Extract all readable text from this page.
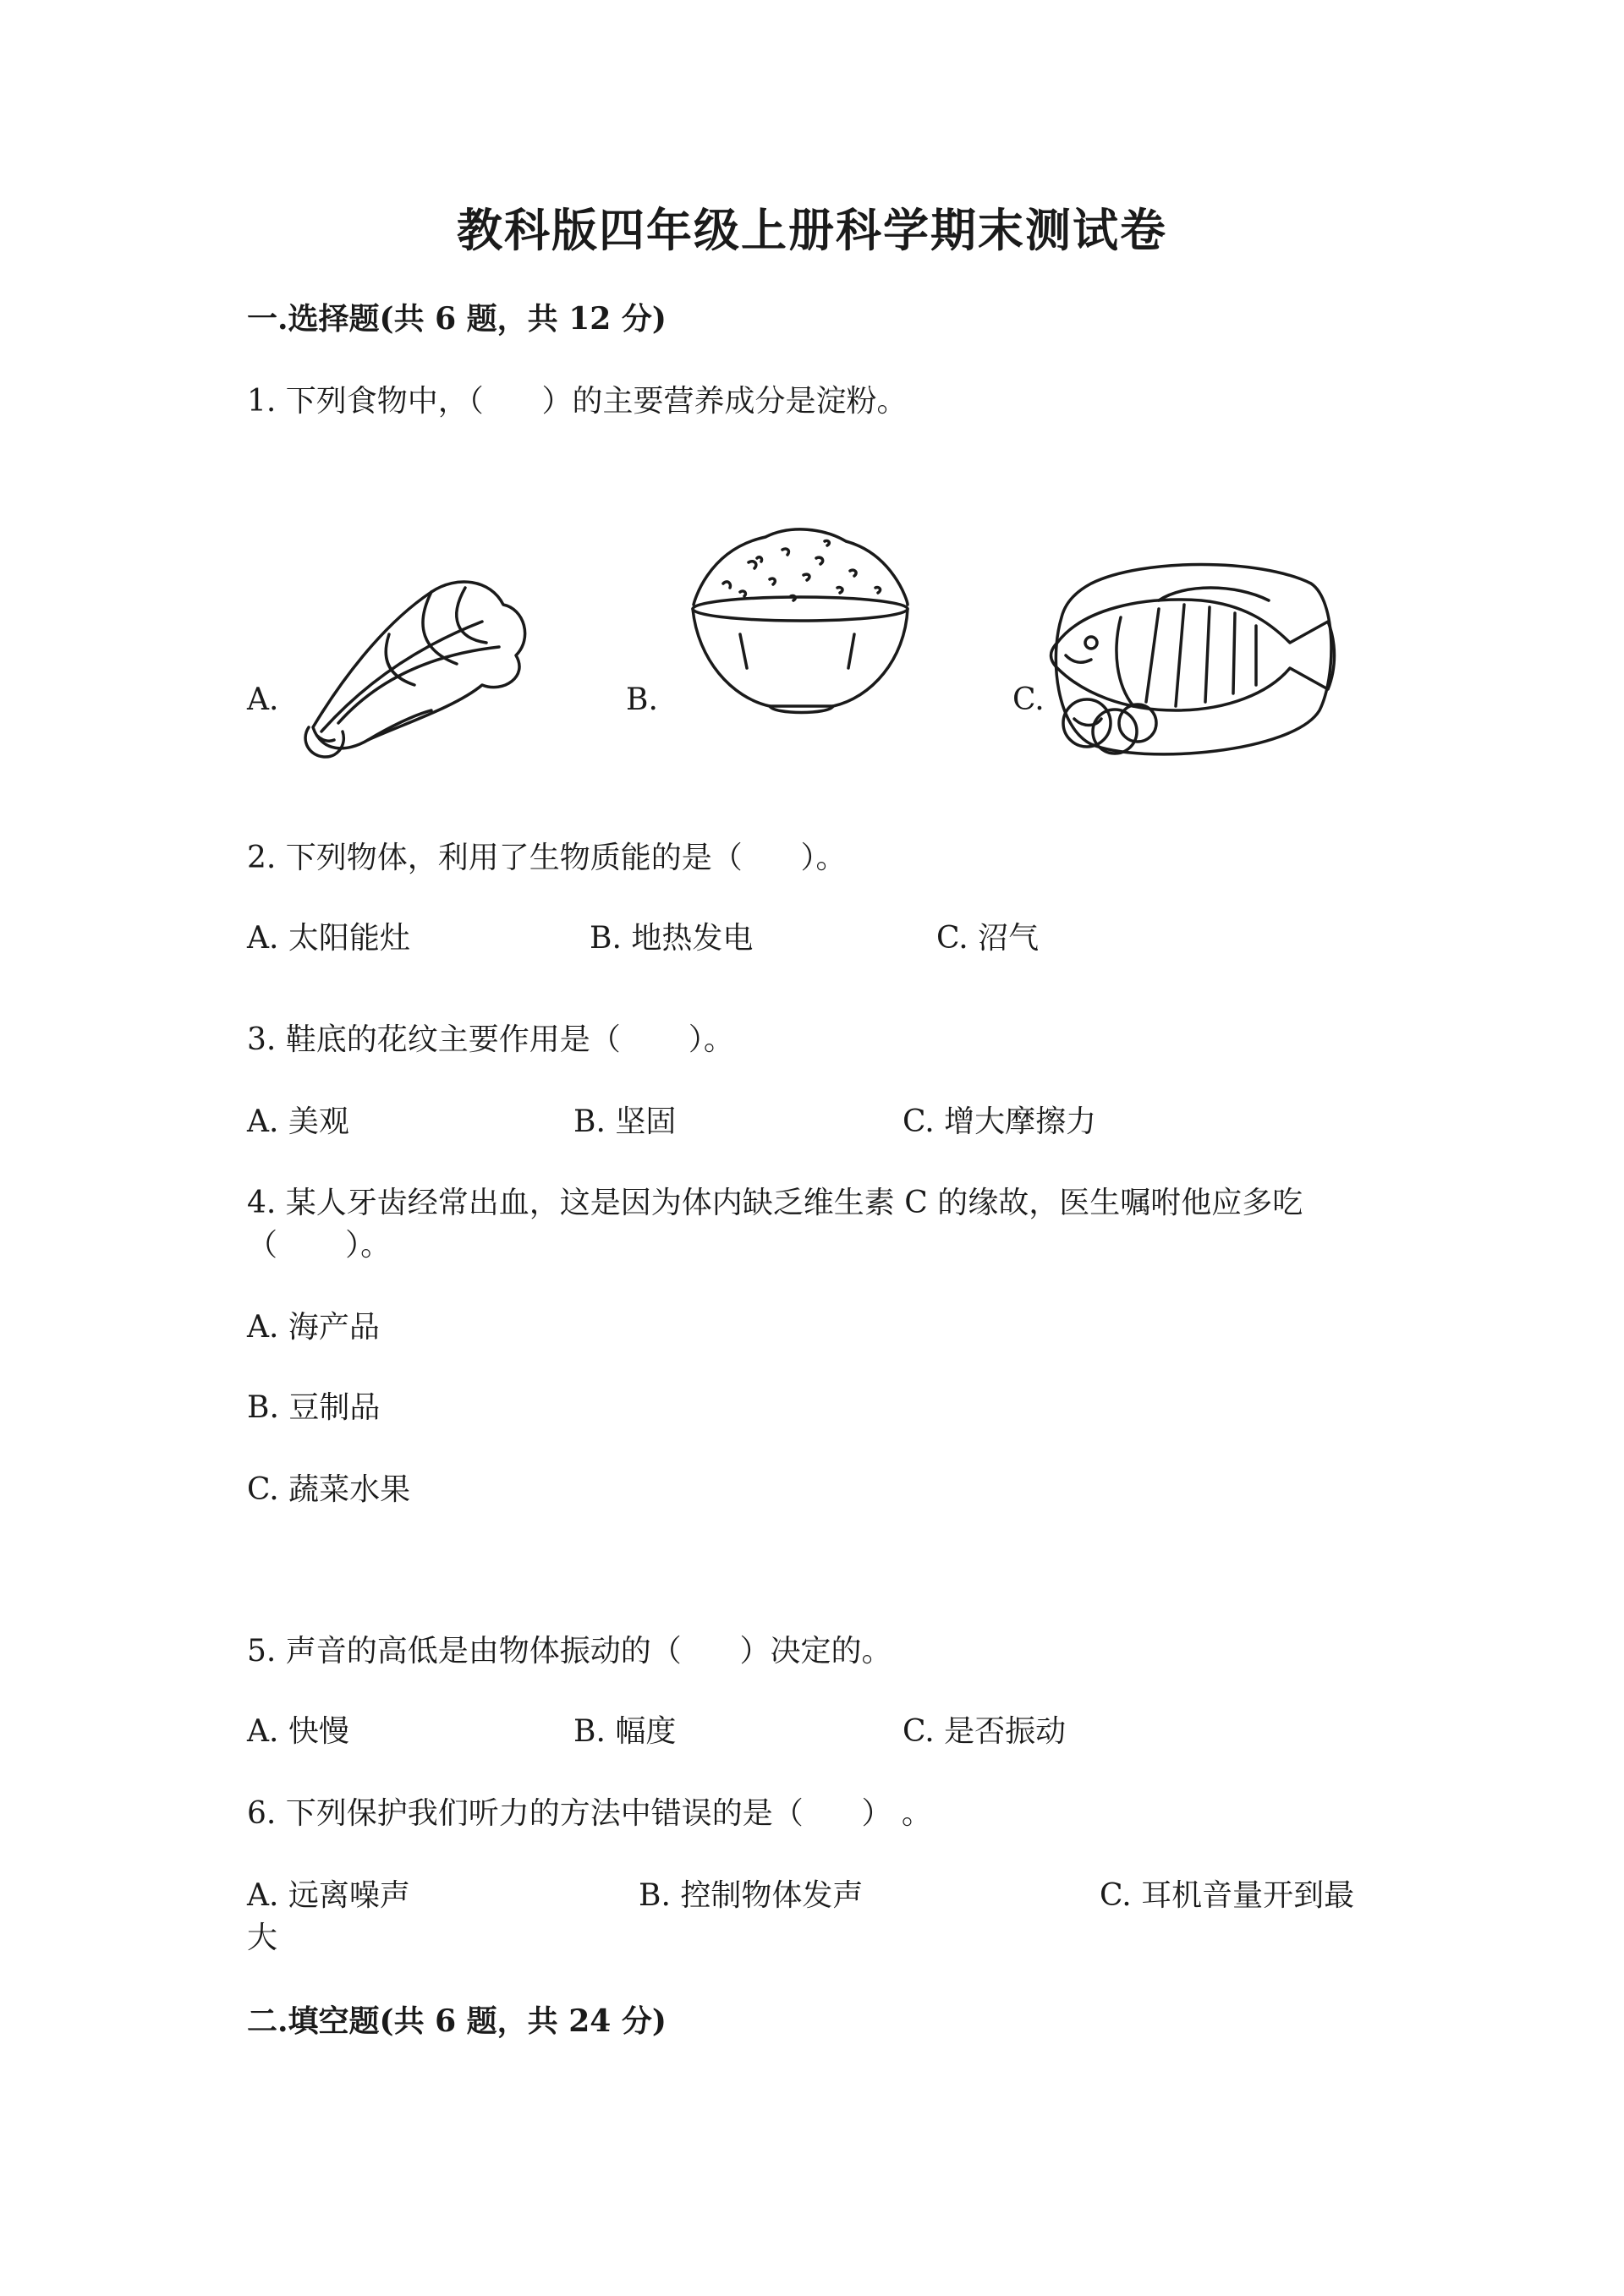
教科版四年级上册科学期末测试卷
一.选择题(共 6 题，共 12 分)
1. 下列食物中，（      ）的主要营养成分是淀粉。
A.	B.	C.
2. 下列物体，利用了生物质能的是（      ）。
A. 太阳能灶	B. 地热发电	C. 沼气
3. 鞋底的花纹主要作用是（       ）。
A. 美观	B. 坚固	C. 增大摩擦力
4. 某人牙齿经常出血，这是因为体内缺乏维生素 C 的缘故，医生嘱咐他应多吃
（       ）。
A. 海产品
B. 豆制品
C. 蔬菜水果
5. 声音的高低是由物体振动的（      ）决定的。
A. 快慢	B. 幅度	C. 是否振动
6. 下列保护我们听力的方法中错误的是（      ） 。
A. 远离噪声	B. 控制物体发声	C. 耳机音量开到最
大
二.填空题(共 6 题，共 24 分)
